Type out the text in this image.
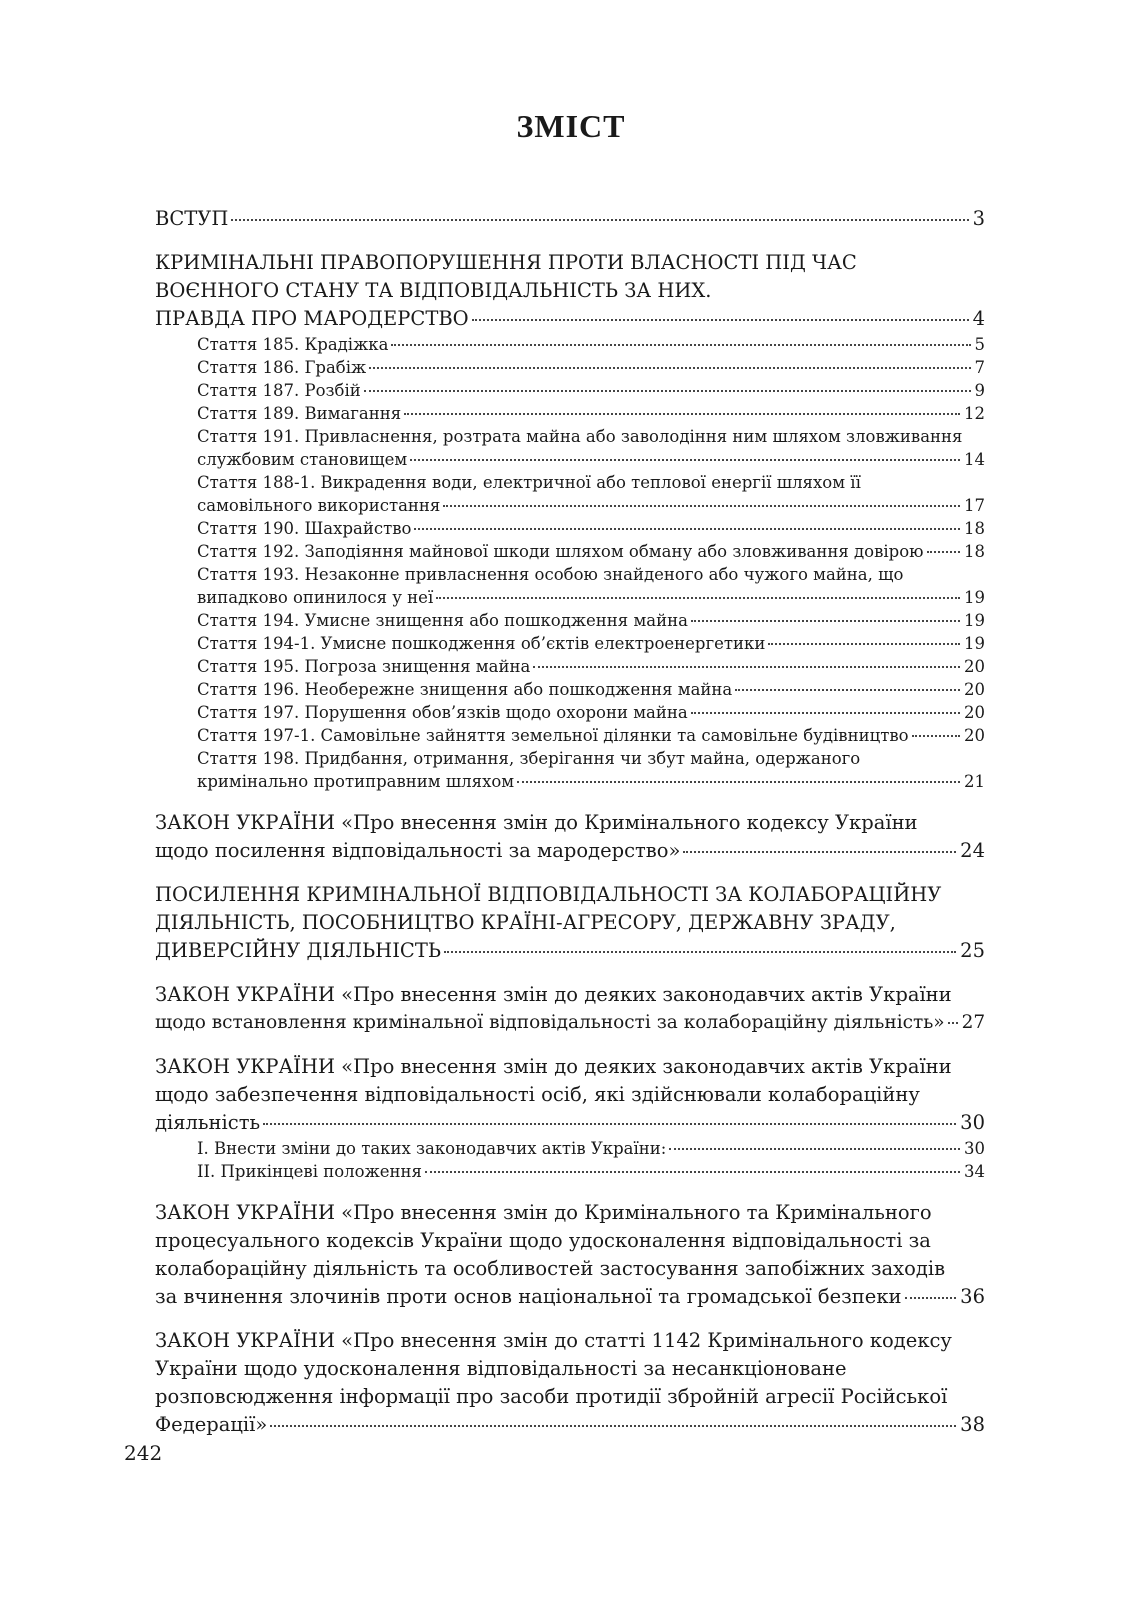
ЗМІСТ
ВСТУП	3
КРИМІНАЛЬНІ ПРАВОПОРУШЕННЯ ПРОТИ ВЛАСНОСТІ ПІД ЧАС
ВОЄННОГО СТАНУ ТА ВІДПОВІДАЛЬНІСТЬ ЗА НИХ.
ПРАВДА ПРО МАРОДЕРСТВО	4
Стаття 185. Крадіжка	5
Стаття 186. Грабіж	7
Стаття 187. Розбій	9
Стаття 189. Вимагання	12
Стаття 191. Привласнення, розтрата майна або заволодіння ним шляхом зловживання
службовим становищем	14
Стаття 188-1. Викрадення води, електричної або теплової енергії шляхом її
самовільного використання	17
Стаття 190. Шахрайство	18
Стаття 192. Заподіяння майнової шкоди шляхом обману або зловживання довірою 18
Стаття 193. Незаконне привласнення особою знайденого або чужого майна, що
випадково опинилося у неї	19
Стаття 194. Умисне знищення або пошкодження майна	19
Стаття 194-1. Умисне пошкодження об’єктів електроенергетики	19
Стаття 195. Погроза знищення майна	20
Стаття 196. Необережне знищення або пошкодження майна	20
Стаття 197. Порушення обов’язків щодо охорони майна	20
Стаття 197-1. Самовільне зайняття земельної ділянки та самовільне будівництво	20
Стаття 198. Придбання, отримання, зберігання чи збут майна, одержаного
кримінально протиправним шляхом	21
ЗАКОН УКРАЇНИ «Про внесення змін до Кримінального кодексу України
щодо посилення відповідальності за мародерство»	24
ПОСИЛЕННЯ КРИМІНАЛЬНОЇ ВІДПОВІДАЛЬНОСТІ ЗА КОЛАБОРАЦІЙНУ
ДІЯЛЬНІСТЬ, ПОСОБНИЦТВО КРАЇНІ-АГРЕСОРУ, ДЕРЖАВНУ ЗРАДУ,
ДИВЕРСІЙНУ ДІЯЛЬНІСТЬ	25
ЗАКОН УКРАЇНИ «Про внесення змін до деяких законодавчих актів України
щодо встановлення кримінальної відповідальності за колабораційну діяльність» 27
ЗАКОН УКРАЇНИ «Про внесення змін до деяких законодавчих актів України
щодо забезпечення відповідальності осіб, які здійснювали колабораційну
діяльність	30
І. Внести зміни до таких законодавчих актів України:	30
ІІ. Прикінцеві положення	34
ЗАКОН УКРАЇНИ «Про внесення змін до Кримінального та Кримінального
процесуального кодексів України щодо удосконалення відповідальності за
колабораційну діяльність та особливостей застосування запобіжних заходів
за вчинення злочинів проти основ національної та громадської безпеки	36
ЗАКОН УКРАЇНИ «Про внесення змін до статті 1142 Кримінального кодексу
України щодо удосконалення відповідальності за несанкціоноване
розповсюдження інформації про засоби протидії збройній агресії Російської
Федерації»	38
242
